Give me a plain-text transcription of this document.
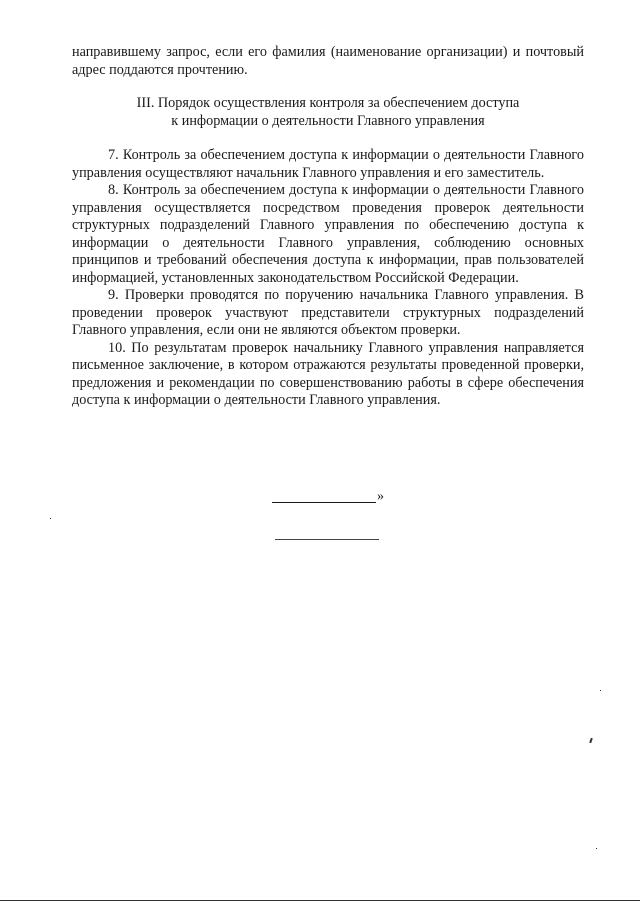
направившему запрос, если его фамилия (наименование организации) и почтовый адрес поддаются прочтению.

III. Порядок осуществления контроля за обеспечением доступа

к информации о деятельности Главного управления

7. Контроль за обеспечением доступа к информации о деятельности Главного управления осуществляют начальник Главного управления и его заместитель.

8. Контроль за обеспечением доступа к информации о деятельности Главного управления осуществляется посредством проведения проверок деятельности структурных подразделений Главного управления по обеспечению доступа к информации о деятельности Главного управления, соблюдению основных принципов и требований обеспечения доступа к информации, прав пользователей информацией, установленных законодательством Российской Федерации.

9. Проверки проводятся по поручению начальника Главного управления. В проведении проверок участвуют представители структурных подразделений Главного управления, если они не являются объектом проверки.

10. По результатам проверок начальнику Главного управления направляется письменное заключение, в котором отражаются результаты проведенной проверки, предложения и рекомендации по совершенствованию работы в сфере обеспечения доступа к информации о деятельности Главного управления.

»
